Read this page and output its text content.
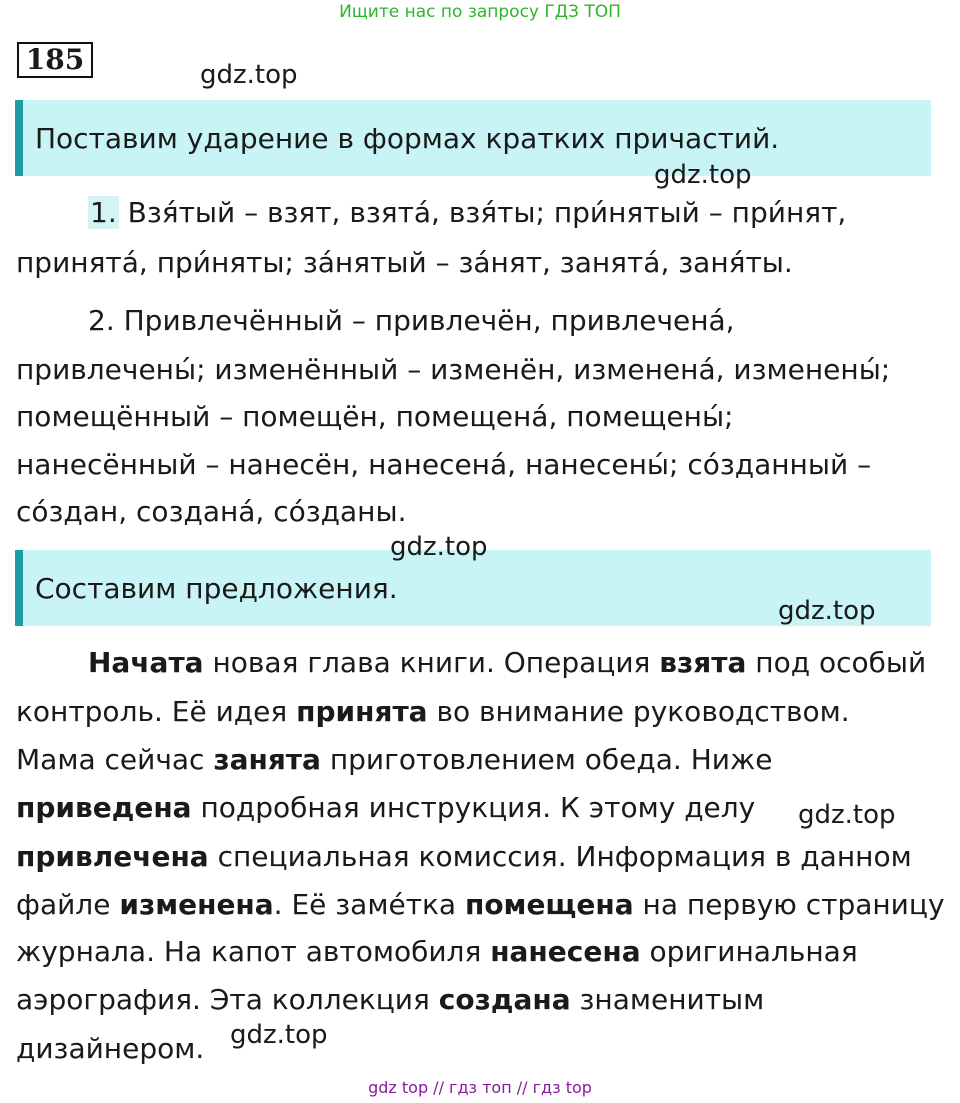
Ищите нас по запросу ГДЗ ТОП
185	gdz.top
Поставим ударение в формах кратких причастий.
gdz.top
1. Взя́тый – взят, взята́, взя́ты; при́нятый – при́нят,
принята́, при́няты; за́нятый – за́нят, занята́, заня́ты.
2. Привлечённый – привлечён, привлечена́,
привлечены́; изменённый – изменён, изменена́, изменены́;
помещённый – помещён, помещена́, помещены́;
нанесённый – нанесён, нанесена́, нанесены́; со́зданный –
со́здан, создана́, со́зданы.
Составим предложения.
gdz.top
gdz.top
Начата новая глава книги. Операция взята под особый
контроль. Её идея принята во внимание руководством.
Мама сейчас занята приготовлением обеда. Ниже
приведена подробная инструкция. К этому делу gdz.top
привлечена специальная комиссия. Информация в данном
файле изменена. Её заме́тка помещена на первую страницу
журнала. На капот автомобиля нанесена оригинальная
аэрография. Эта коллекция создана знаменитым
дизайнером. gdz.top
gdz top // гдз топ // гдз top
